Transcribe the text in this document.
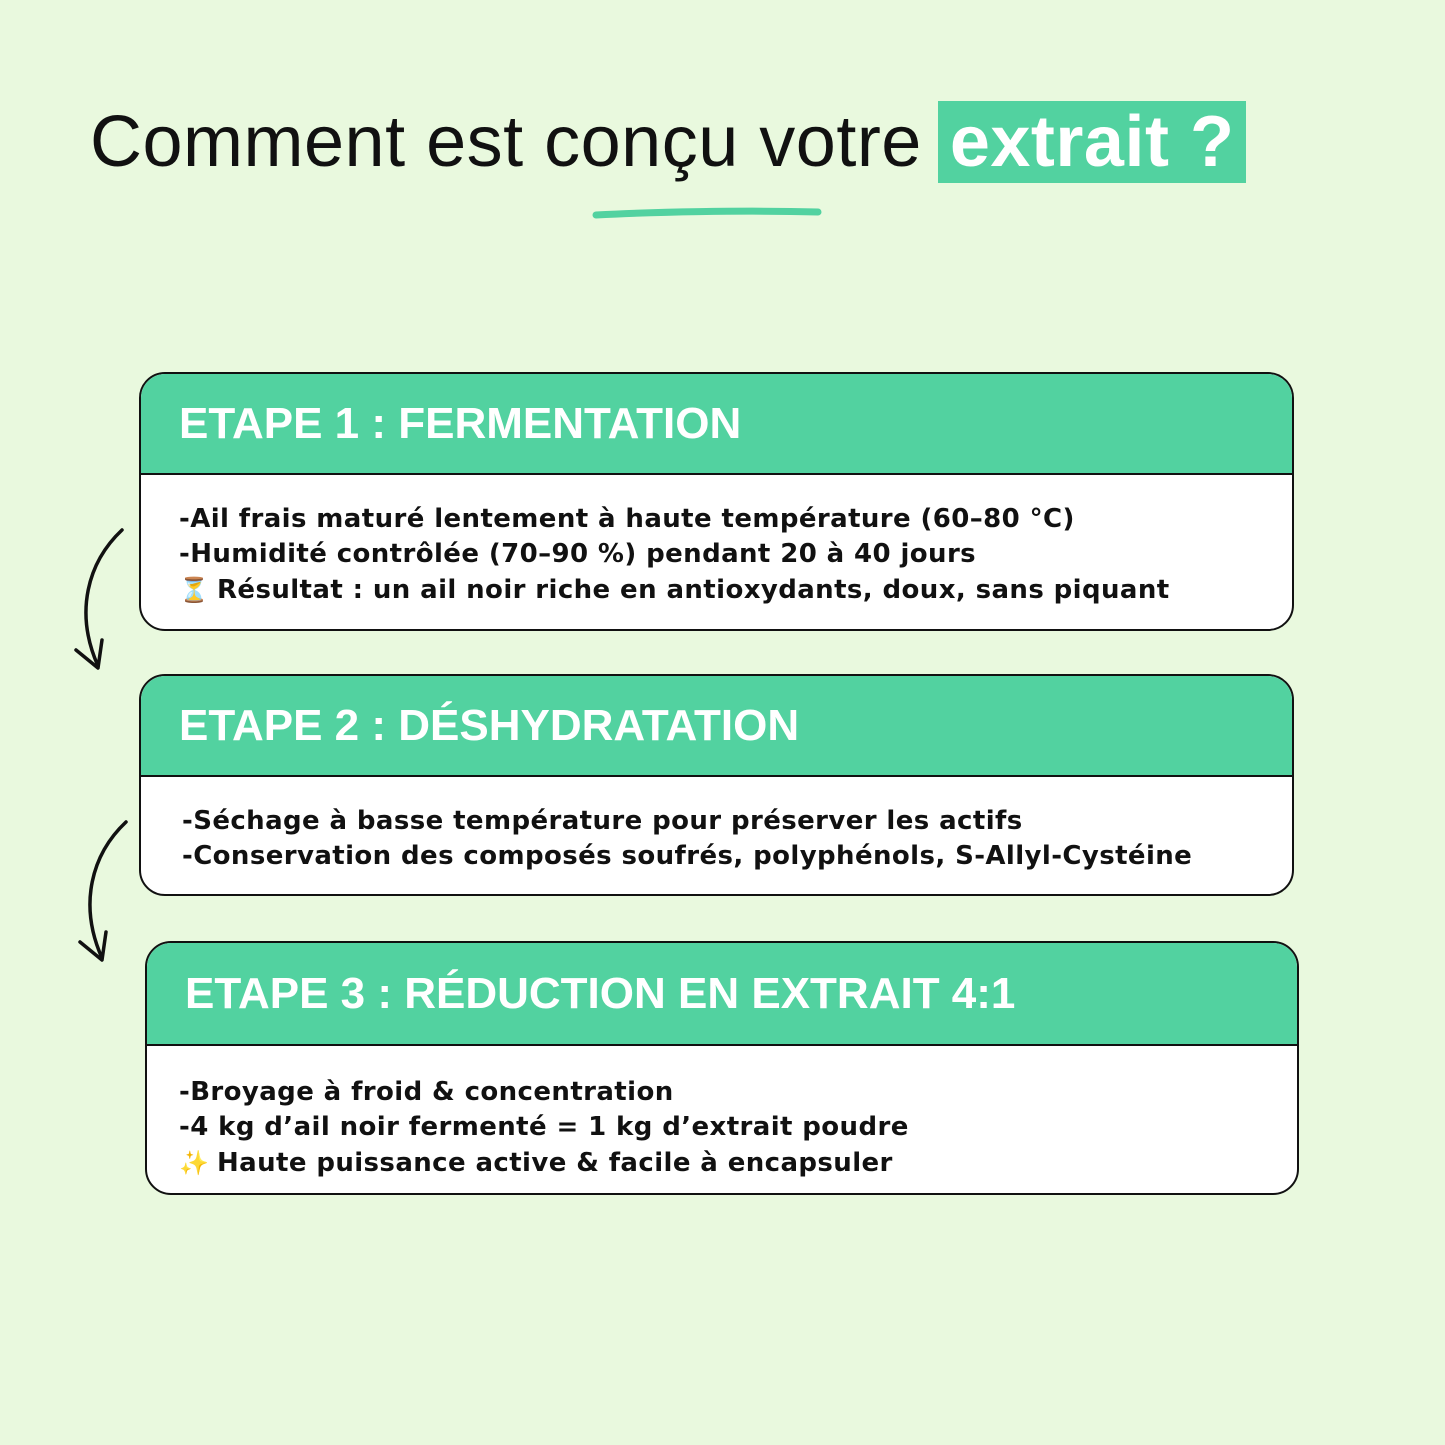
Comment est conçu votre extrait ?
ETAPE 1 : FERMENTATION
-Ail frais maturé lentement à haute température (60–80 °C)
-Humidité contrôlée (70–90 %) pendant 20 à 40 jours
⏳ Résultat : un ail noir riche en antioxydants, doux, sans piquant
ETAPE 2 : DÉSHYDRATATION
-Séchage à basse température pour préserver les actifs
-Conservation des composés soufrés, polyphénols, S-Allyl-Cystéine
ETAPE 3 : RÉDUCTION EN EXTRAIT 4:1
-Broyage à froid & concentration
-4 kg d’ail noir fermenté = 1 kg d’extrait poudre
✨ Haute puissance active & facile à encapsuler
